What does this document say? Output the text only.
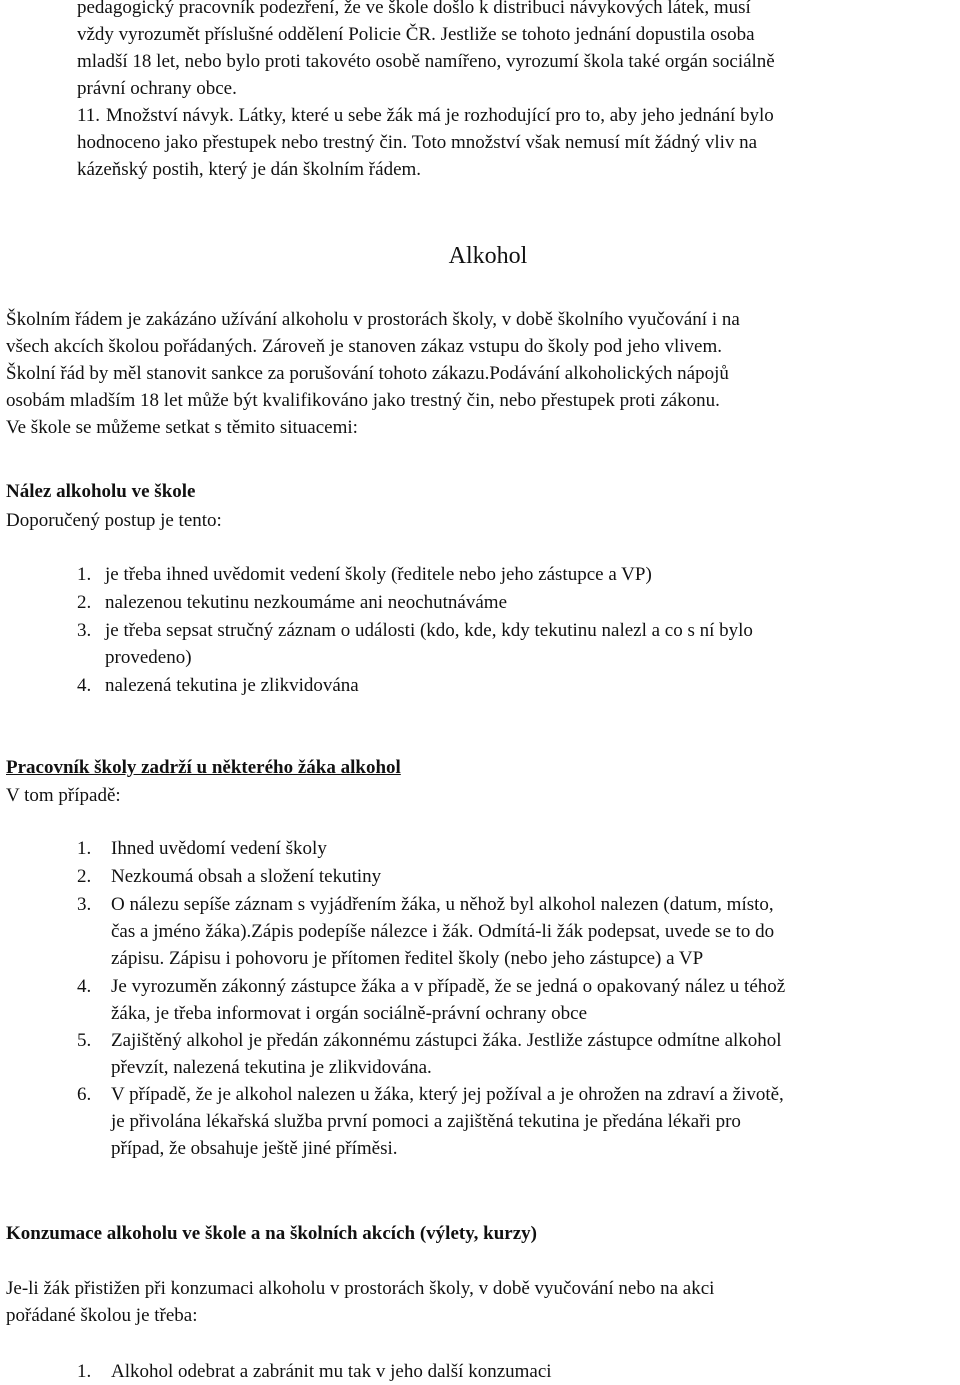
pedagogický pracovník podezření, že ve škole došlo k distribuci návykových látek, musí
vždy vyrozumět příslušné oddělení Policie ČR. Jestliže se tohoto jednání dopustila osoba
mladší 18 let, nebo bylo proti takovéto osobě namířeno, vyrozumí škola také orgán sociálně
právní ochrany obce.
11. Množství návyk. Látky, které u sebe žák má je rozhodující pro to, aby jeho jednání bylo
hodnoceno jako přestupek nebo trestný čin. Toto množství však nemusí mít žádný vliv na
kázeňský postih, který je dán školním řádem.
Alkohol
Školním řádem je zakázáno užívání alkoholu v prostorách školy, v době školního vyučování i na
všech akcích školou pořádaných. Zároveň je stanoven zákaz vstupu do školy pod jeho vlivem.
Školní řád by měl stanovit sankce za porušování tohoto zákazu.Podávání alkoholických nápojů
osobám mladším 18 let může být kvalifikováno jako trestný čin, nebo přestupek proti zákonu.
Ve škole se můžeme setkat s těmito situacemi:
Nález alkoholu ve škole
Doporučený postup je tento:
1. je třeba ihned uvědomit vedení školy (ředitele nebo jeho zástupce a VP)
2. nalezenou tekutinu nezkoumáme ani neochutnáváme
3. je třeba sepsat stručný záznam o události (kdo, kde, kdy tekutinu nalezl a co s ní bylo
provedeno)
4. nalezená tekutina je zlikvidována
Pracovník školy zadrží u některého žáka alkohol
V tom případě:
1. Ihned uvědomí vedení školy
2. Nezkoumá obsah a složení tekutiny
3. O nálezu sepíše záznam s vyjádřením žáka, u něhož byl alkohol nalezen (datum, místo,
čas a jméno žáka).Zápis podepíše nálezce i žák. Odmítá-li žák podepsat, uvede se to do
zápisu. Zápisu i pohovoru je přítomen ředitel školy (nebo jeho zástupce) a VP
4. Je vyrozuměn zákonný zástupce žáka a v případě, že se jedná o opakovaný nález u téhož
žáka, je třeba informovat i orgán sociálně-právní ochrany obce
5. Zajištěný alkohol je předán zákonnému zástupci žáka. Jestliže zástupce odmítne alkohol
převzít, nalezená tekutina je zlikvidována.
6. V případě, že je alkohol nalezen u žáka, který jej požíval a je ohrožen na zdraví a životě,
je přivolána lékařská služba první pomoci a zajištěná tekutina je předána lékaři pro
případ, že obsahuje ještě jiné příměsi.
Konzumace alkoholu ve škole a na školních akcích (výlety, kurzy)
Je-li žák přistižen při konzumaci alkoholu v prostorách školy, v době vyučování nebo na akci
pořádané školou je třeba:
1. Alkohol odebrat a zabránit mu tak v jeho další konzumaci
